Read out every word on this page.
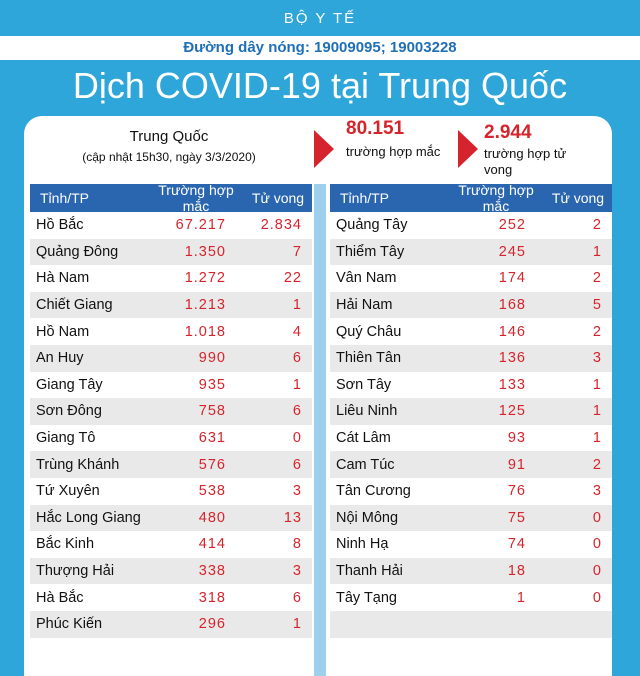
BỘ Y TẾ
Đường dây nóng: 19009095; 19003228
Dịch COVID-19 tại Trung Quốc
Trung Quốc
(cập nhật 15h30, ngày 3/3/2020)
80.151
trường hợp mắc
2.944
trường hợp tử vong
Tỉnh/TP	Trường hợp mắc	Tử vong
Hồ Bắc	67.217	2.834
Quảng Đông	1.350	7
Hà Nam	1.272	22
Chiết Giang	1.213	1
Hồ Nam	1.018	4
An Huy	990	6
Giang Tây	935	1
Sơn Đông	758	6
Giang Tô	631	0
Trùng Khánh	576	6
Tứ Xuyên	538	3
Hắc Long Giang	480	13
Bắc Kinh	414	8
Thượng Hải	338	3
Hà Bắc	318	6
Phúc Kiến	296	1
Tỉnh/TP	Trường hợp mắc	Tử vong
Quảng Tây	252	2
Thiểm Tây	245	1
Vân Nam	174	2
Hải Nam	168	5
Quý Châu	146	2
Thiên Tân	136	3
Sơn Tây	133	1
Liêu Ninh	125	1
Cát Lâm	93	1
Cam Túc	91	2
Tân Cương	76	3
Nội Mông	75	0
Ninh Hạ	74	0
Thanh Hải	18	0
Tây Tạng	1	0
